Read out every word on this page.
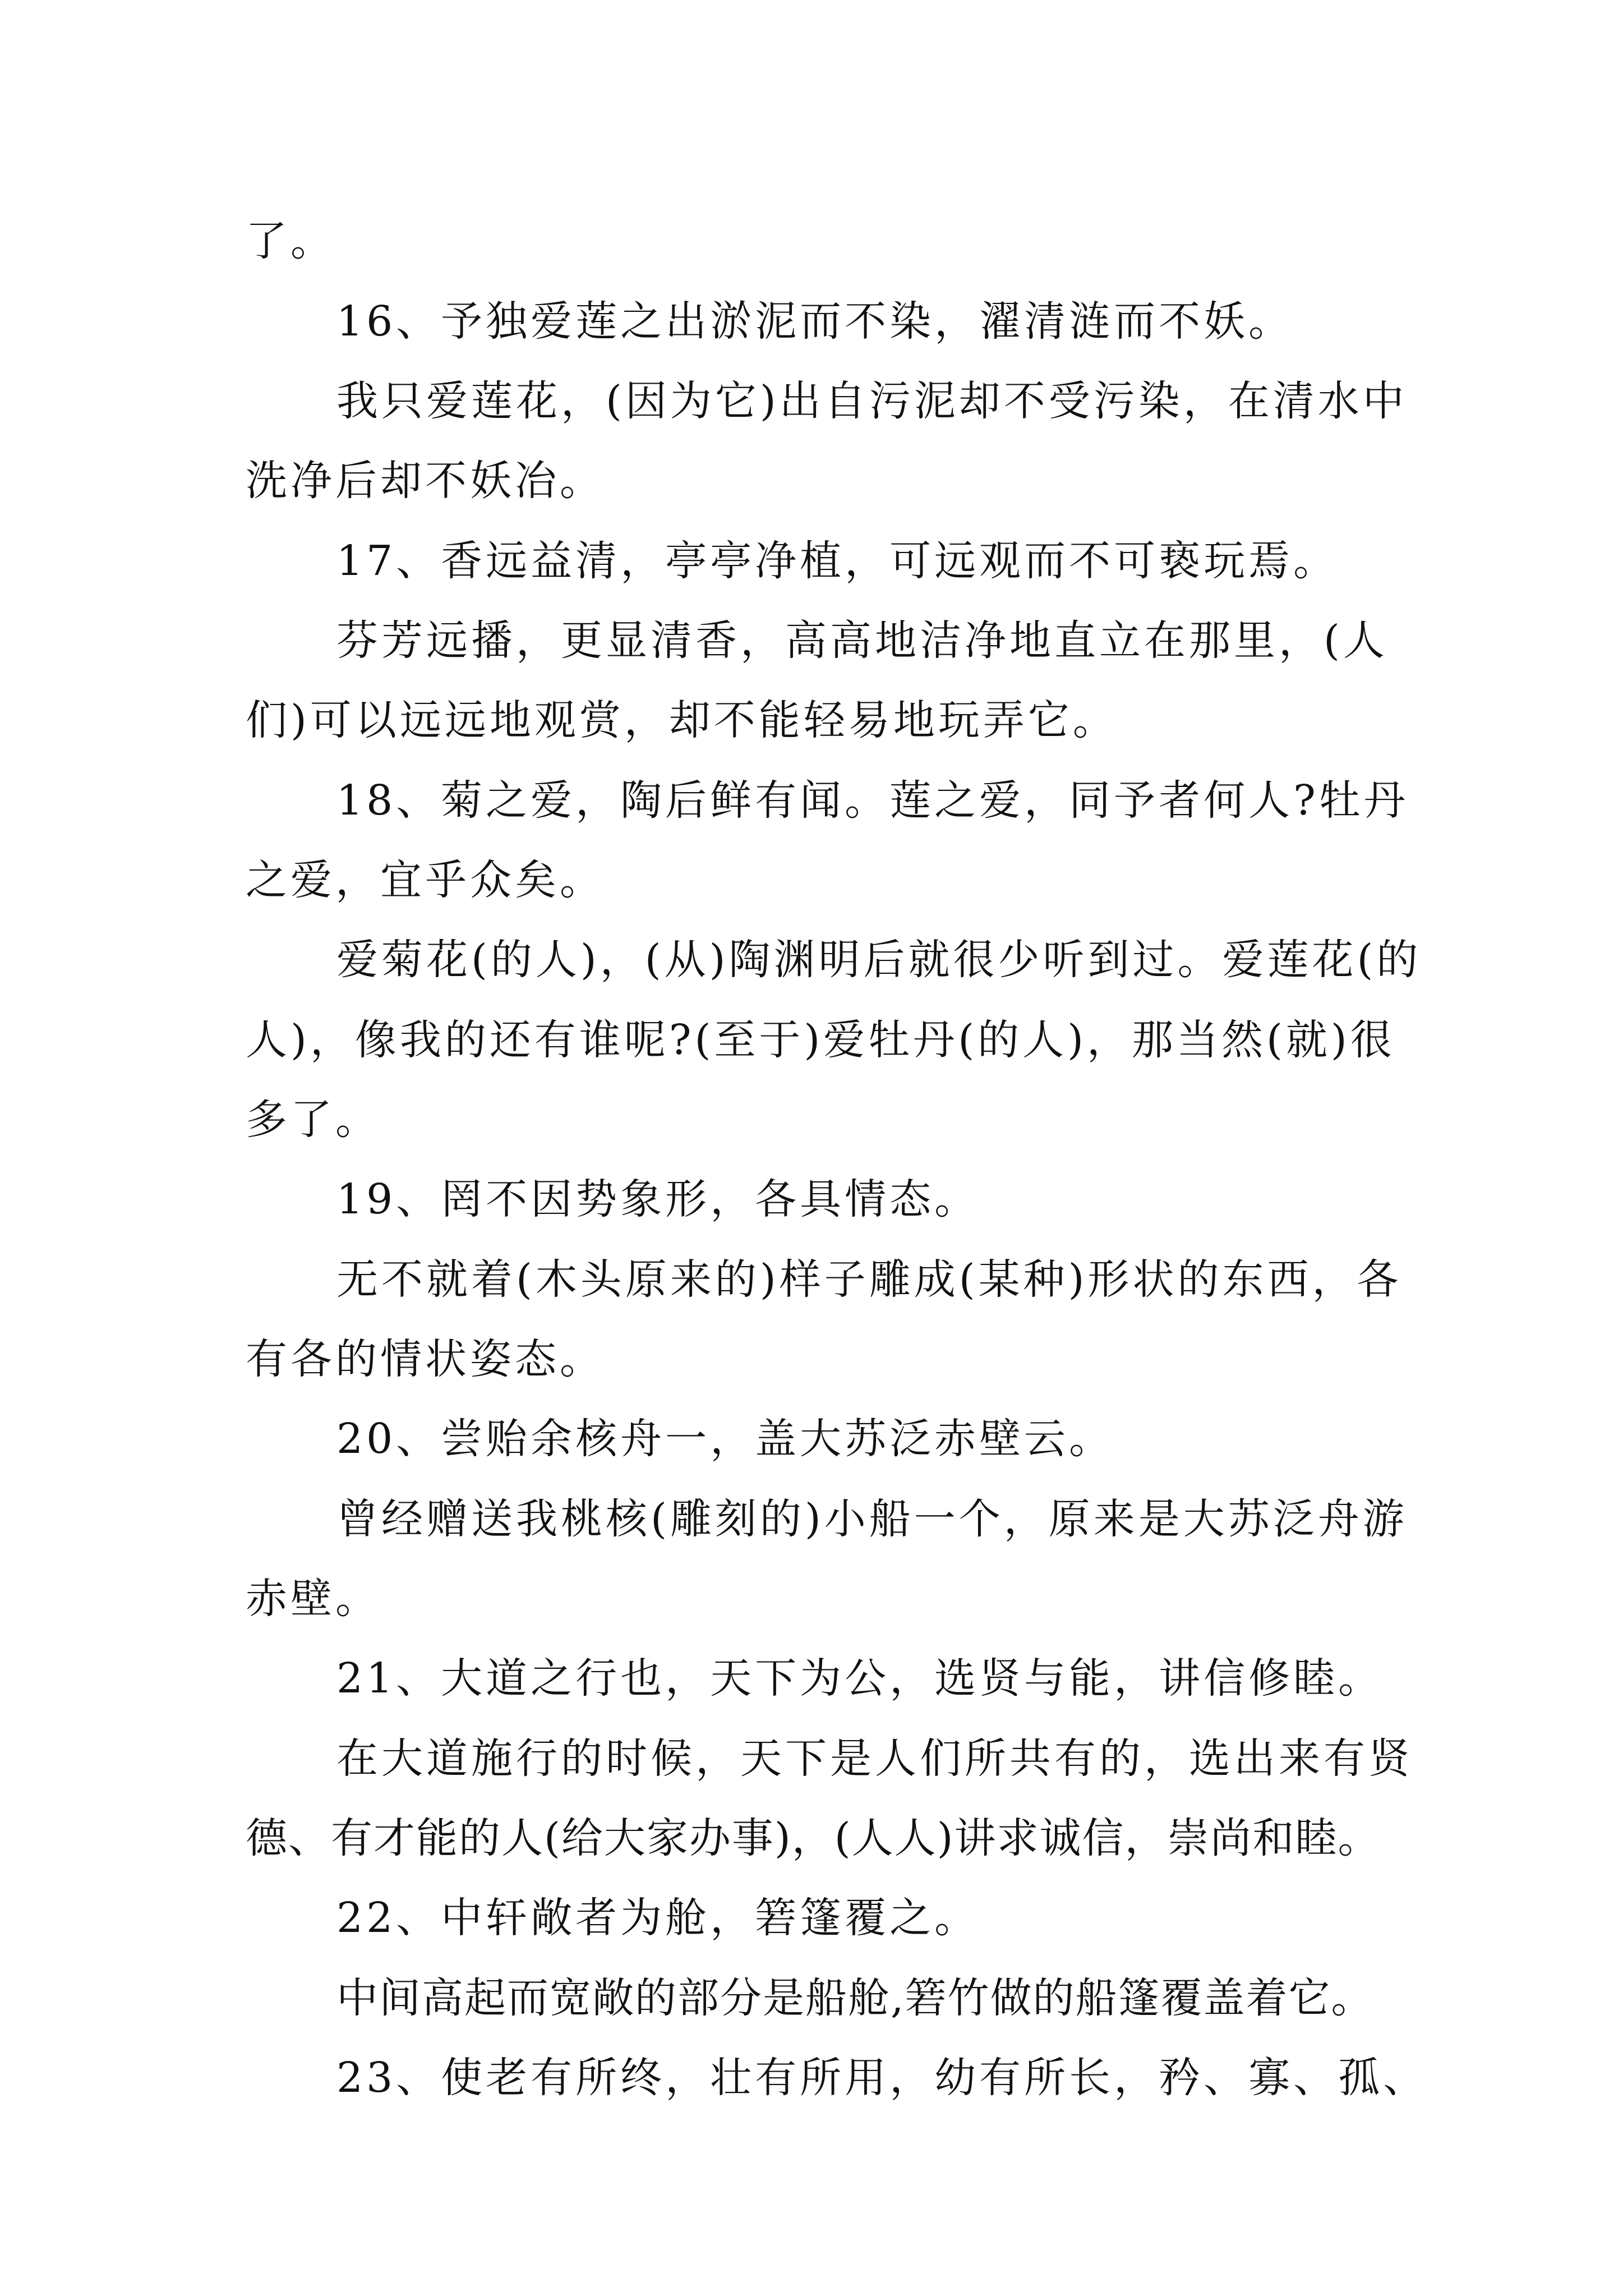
了。
16、予独爱莲之出淤泥而不染，濯清涟而不妖。
我只爱莲花，(因为它)出自污泥却不受污染，在清水中
洗净后却不妖冶。
17、香远益清，亭亭净植，可远观而不可亵玩焉。
芬芳远播，更显清香，高高地洁净地直立在那里，(人
们)可以远远地观赏，却不能轻易地玩弄它。
18、菊之爱，陶后鲜有闻。莲之爱，同予者何人?牡丹
之爱，宜乎众矣。
爱菊花(的人)，(从)陶渊明后就很少听到过。爱莲花(的
人)，像我的还有谁呢?(至于)爱牡丹(的人)，那当然(就)很
多了。
19、罔不因势象形，各具情态。
无不就着(木头原来的)样子雕成(某种)形状的东西，各
有各的情状姿态。
20、尝贻余核舟一，盖大苏泛赤壁云。
曾经赠送我桃核(雕刻的)小船一个，原来是大苏泛舟游
赤壁。
21、大道之行也，天下为公，选贤与能，讲信修睦。
在大道施行的时候，天下是人们所共有的，选出来有贤
德、有才能的人(给大家办事)，(人人)讲求诚信，崇尚和睦。
22、中轩敞者为舱，箬篷覆之。
中间高起而宽敞的部分是船舱,箬竹做的船篷覆盖着它。
23、使老有所终，壮有所用，幼有所长，矜、寡、孤、
